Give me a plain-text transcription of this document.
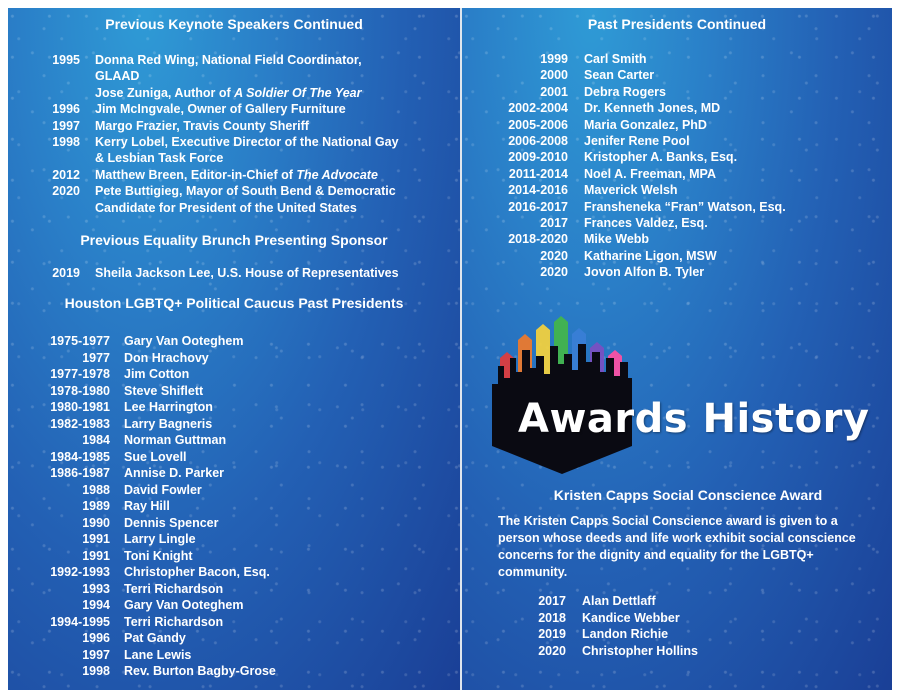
Previous Keynote Speakers Continued
1995 Donna Red Wing, National Field Coordinator,
GLAAD
Jose Zuniga, Author of A Soldier Of The Year
1996 Jim McIngvale, Owner of Gallery Furniture
1997 Margo Frazier, Travis County Sheriff
1998 Kerry Lobel, Executive Director of the National Gay
& Lesbian Task Force
2012 Matthew Breen, Editor-in-Chief of The Advocate
2020 Pete Buttigieg, Mayor of South Bend & Democratic
Candidate for President of the United States
Previous Equality Brunch Presenting Sponsor
2019 Sheila Jackson Lee, U.S. House of Representatives
Houston LGBTQ+ Political Caucus Past Presidents
1975-1977 Gary Van Ooteghem
1977 Don Hrachovy
1977-1978 Jim Cotton
1978-1980 Steve Shiflett
1980-1981 Lee Harrington
1982-1983 Larry Bagneris
1984 Norman Guttman
1984-1985 Sue Lovell
1986-1987 Annise D. Parker
1988 David Fowler
1989 Ray Hill
1990 Dennis Spencer
1991 Larry Lingle
1991 Toni Knight
1992-1993 Christopher Bacon, Esq.
1993 Terri Richardson
1994 Gary Van Ooteghem
1994-1995 Terri Richardson
1996 Pat Gandy
1997 Lane Lewis
1998 Rev. Burton Bagby-Grose
Past Presidents Continued
1999 Carl Smith
2000 Sean Carter
2001 Debra Rogers
2002-2004 Dr. Kenneth Jones, MD
2005-2006 Maria Gonzalez, PhD
2006-2008 Jenifer Rene Pool
2009-2010 Kristopher A. Banks, Esq.
2011-2014 Noel A. Freeman, MPA
2014-2016 Maverick Welsh
2016-2017 Fransheneka “Fran” Watson, Esq.
2017 Frances Valdez, Esq.
2018-2020 Mike Webb
2020 Katharine Ligon, MSW
2020 Jovon Alfon B. Tyler
Awards History
Kristen Capps Social Conscience Award
The Kristen Capps Social Conscience award is given to a person whose deeds and life work exhibit social conscience concerns for the dignity and equality for the LGBTQ+ community.
2017 Alan Dettlaff
2018 Kandice Webber
2019 Landon Richie
2020 Christopher Hollins
